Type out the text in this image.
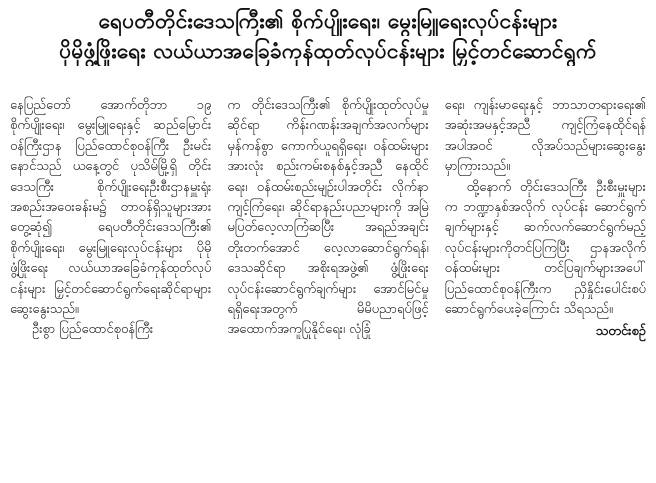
ရေပတီတိုင်းဒေသကြီး၏ စိုက်ပျိုးရေး၊ မွေးမြူရေးလုပ်ငန်းများ
ပိုမိုဖွံ့ဖြိုးရေး လယ်ယာအခြေခံကုန်ထုတ်လုပ်ငန်းများ မြှင့်တင်ဆောင်ရွက်

နေပြည်တော် အောက်တိုဘာ ၁၉ စိုက်ပျိုးရေး၊ မွေးမြူရေးနှင့် ဆည်မြောင်းဝန်ကြီးဌာန ပြည်ထောင်စုဝန်ကြီး ဦးမင်းနောင်သည် ယနေ့တွင် ပုသိမ်မြို့ရှိ တိုင်းဒေသကြီး စိုက်ပျိုးရေးဦးစီးဌာနမှူးရုံး အစည်းအဝေးခန်းမ၌ တာဝန်ရှိသူများအား တွေ့ဆုံ၍ ရေပတီတိုင်းဒေသကြီး၏ စိုက်ပျိုးရေး၊ မွေးမြူရေးလုပ်ငန်းများ ပိုမိုဖွံ့ဖြိုးရေး လယ်ယာအခြေခံကုန်ထုတ်လုပ်ငန်းများ မြှင့်တင်ဆောင်ရွက်ရေးဆိုင်ရာများ ဆွေးနွေးသည်။

ဦးစွာ ပြည်ထောင်စုဝန်ကြီး

က တိုင်းဒေသကြီး၏ စိုက်ပျိုးထုတ်လုပ်မှုဆိုင်ရာ ကိန်းဂဏန်းအချက်အလက်များ မှန်ကန်စွာ ကောက်ယူရရှိရေး၊ ဝန်ထမ်းများအားလုံး စည်းကမ်းစနစ်နှင့်အညီ နေထိုင်ရေး၊ ဝန်ထမ်းစည်းမျဉ်းပါအတိုင်း လိုက်နာကျင့်ကြံရေး၊ ဆိုင်ရာနည်းပညာများကို အမြဲမပြတ်လေ့လာကြံဆပြီး အရည်အချင်းတိုးတက်အောင် လေ့လာဆောင်ရွက်ရန်၊ ဒေသဆိုင်ရာ အစိုးရအဖွဲ့၏ ဖွံ့ဖြိုးရေးလုပ်ငန်းဆောင်ရွက်ချက်များ အောင်မြင်မှုရရှိရေးအတွက် မိမိပညာရပ်ဖြင့် အထောက်အကူပြုနိုင်ရေး၊ လုံခြုံ

ရေး၊ ကျန်းမာရေးနှင့် ဘာသာတရားရေး၏ အဆုံးအမနှင့်အညီ ကျင့်ကြံနေထိုင်ရန် အပါအဝင် လိုအပ်သည်များဆွေးနွေးမှာကြားသည်။

ထို့နောက် တိုင်းဒေသကြီး ဦးစီးမှူးများက ဘဏ္ဍာနှစ်အလိုက် လုပ်ငန်း ဆောင်ရွက်ချက်များနှင့် ဆက်လက်ဆောင်ရွက်မည့် လုပ်ငန်းများကိုတင်ပြကြပြီး ဌာနအလိုက်ဝန်ထမ်းများ တင်ပြချက်များအပေါ် ပြည်ထောင်စုဝန်ကြီးက ညှိနှိုင်းပေါင်းစပ် ဆောင်ရွက်ပေးခဲ့ကြောင်း သိရသည်။

သတင်းစဉ်
